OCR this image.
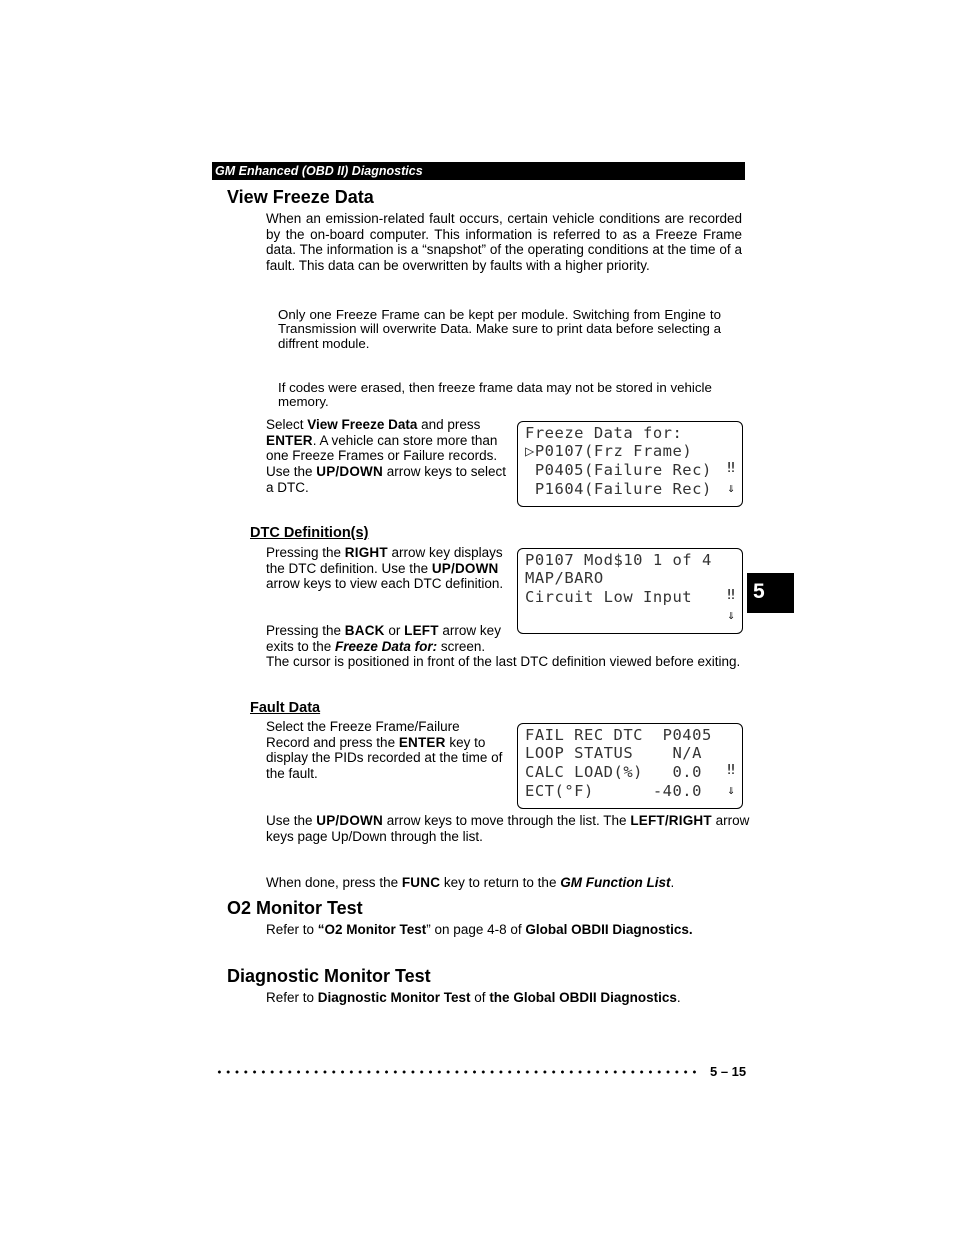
GM Enhanced (OBD II) Diagnostics
View Freeze Data
When an emission-related fault occurs, certain vehicle conditions are recorded by the on-board computer. This information is referred to as a Freeze Frame data. The information is a “snapshot” of the operating conditions at the time of a fault. This data can be overwritten by faults with a higher priority.
Only one Freeze Frame can be kept per module. Switching from Engine to Transmission will overwrite Data. Make sure to print data before selecting a diffrent module.
If codes were erased, then freeze frame data may not be stored in vehicle memory.
Select View Freeze Data and press ENTER. A vehicle can store more than one Freeze Frames or Failure records. Use the UP/DOWN arrow keys to select a DTC.
Freeze Data for:
▷P0107(Frz Frame)
P0405(Failure Rec)
P1604(Failure Rec)
‼
⇓
DTC Definition(s)
Pressing the RIGHT arrow key displays the DTC definition. Use the UP/DOWN arrow keys to view each DTC definition.
P0107 Mod$10 1 of 4
MAP/BARO
Circuit Low Input	‼
⇓
Pressing the BACK or LEFT arrow key exits to the Freeze Data for: screen.
The cursor is positioned in front of the last DTC definition viewed before exiting.
Fault Data
Select the Freeze Frame/Failure Record and press the ENTER key to display the PIDs recorded at the time of the fault.
FAIL REC DTC  P0405
LOOP STATUS    N/A
CALC LOAD(%)   0.0
ECT(°F)      -40.0
‼
⇓
Use the UP/DOWN arrow keys to move through the list. The LEFT/RIGHT arrow keys page Up/Down through the list.
When done, press the FUNC key to return to the GM Function List.
O2 Monitor Test
Refer to “O2 Monitor Test” on page 4-8 of Global OBDII Diagnostics.
Diagnostic Monitor Test
Refer to Diagnostic Monitor Test of the Global OBDII Diagnostics.
5
5 – 15
